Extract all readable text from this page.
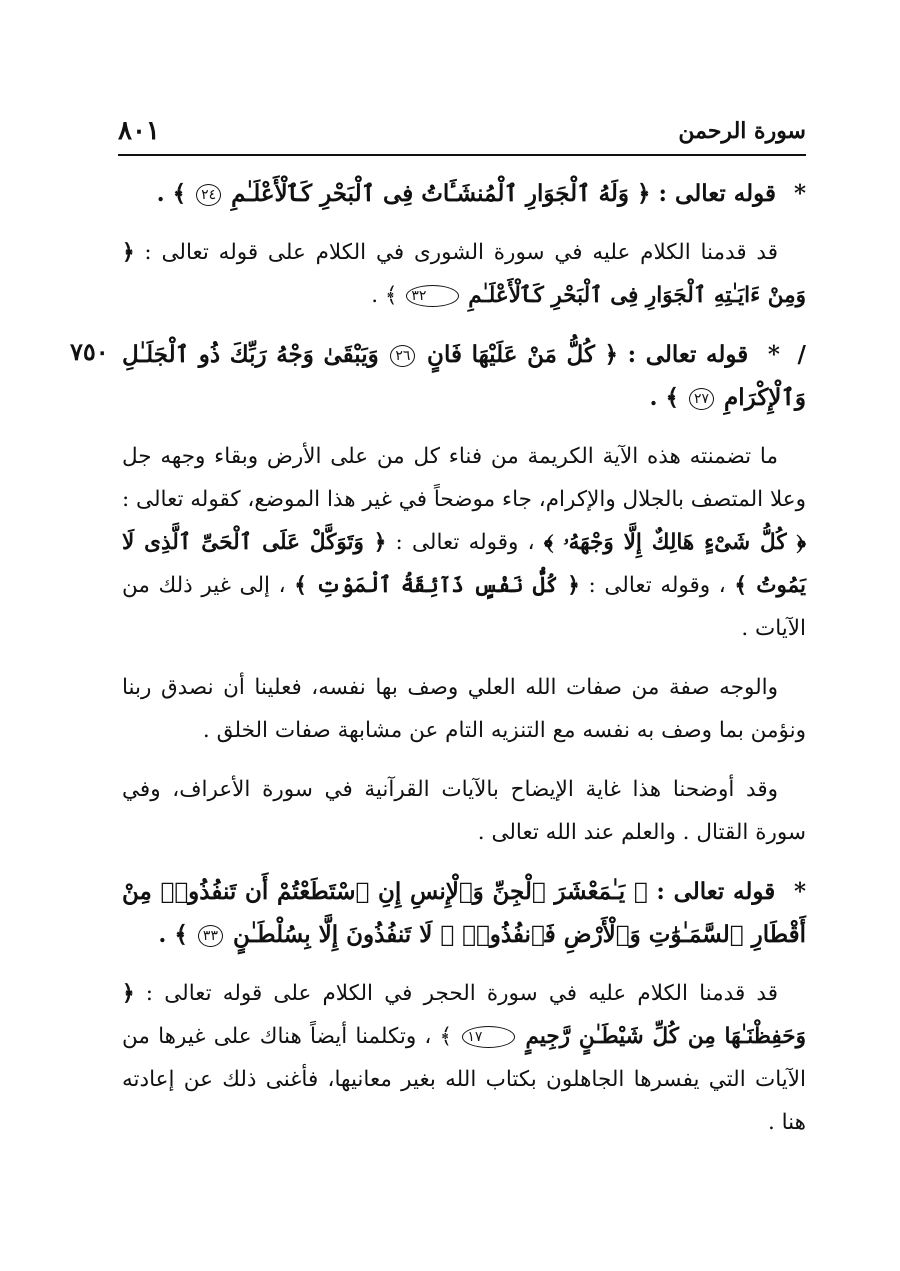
سورة الرحمن
٨٠١
٧٥٠
* قوله تعالى : ﴿ وَلَهُ ٱلْجَوَارِ ٱلْمُنشَـَٔاتُ فِى ٱلْبَحْرِ كَٱلْأَعْلَـٰمِ ٢٤ ﴾ .
قد قدمنا الكلام عليه في سورة الشورى في الكلام على قوله تعالى : ﴿ وَمِنْ ءَايَـٰتِهِ ٱلْجَوَارِ فِى ٱلْبَحْرِ كَٱلْأَعْلَـٰمِ ٣٢ ﴾ .
/ * قوله تعالى : ﴿ كُلُّ مَنْ عَلَيْهَا فَانٍ ٢٦ وَيَبْقَىٰ وَجْهُ رَبِّكَ ذُو ٱلْجَلَـٰلِ وَٱلْإِكْرَامِ ٢٧ ﴾ .
ما تضمنته هذه الآية الكريمة من فناء كل من على الأرض وبقاء وجهه جل وعلا المتصف بالجلال والإكرام، جاء موضحاً في غير هذا الموضع، كقوله تعالى : ﴿ كُلُّ شَىْءٍ هَالِكٌ إِلَّا وَجْهَهُۥ ﴾ ، وقوله تعالى : ﴿ وَتَوَكَّلْ عَلَى ٱلْحَىِّ ٱلَّذِى لَا يَمُوتُ ﴾ ، وقوله تعالى : ﴿ كُلُّ نَفْسٍ ذَآئِقَةُ ٱلْمَوْتِ ﴾ ، إلى غير ذلك من الآيات .
والوجه صفة من صفات الله العلي وصف بها نفسه، فعلينا أن نصدق ربنا ونؤمن بما وصف به نفسه مع التنزيه التام عن مشابهة صفات الخلق .
وقد أوضحنا هذا غاية الإيضاح بالآيات القرآنية في سورة الأعراف، وفي سورة القتال . والعلم عند الله تعالى .
* قوله تعالى : ﴿ يَـٰمَعْشَرَ ٱلْجِنِّ وَٱلْإِنسِ إِنِ ٱسْتَطَعْتُمْ أَن تَنفُذُوا۟ مِنْ أَقْطَارِ ٱلسَّمَـٰوَٰتِ وَٱلْأَرْضِ فَٱنفُذُوا۟ ۚ لَا تَنفُذُونَ إِلَّا بِسُلْطَـٰنٍ ٣٣ ﴾ .
قد قدمنا الكلام عليه في سورة الحجر في الكلام على قوله تعالى : ﴿ وَحَفِظْنَـٰهَا مِن كُلِّ شَيْطَـٰنٍ رَّجِيمٍ ١٧ ﴾ ، وتكلمنا أيضاً هناك على غيرها من الآيات التي يفسرها الجاهلون بكتاب الله بغير معانيها، فأغنى ذلك عن إعادته هنا .
